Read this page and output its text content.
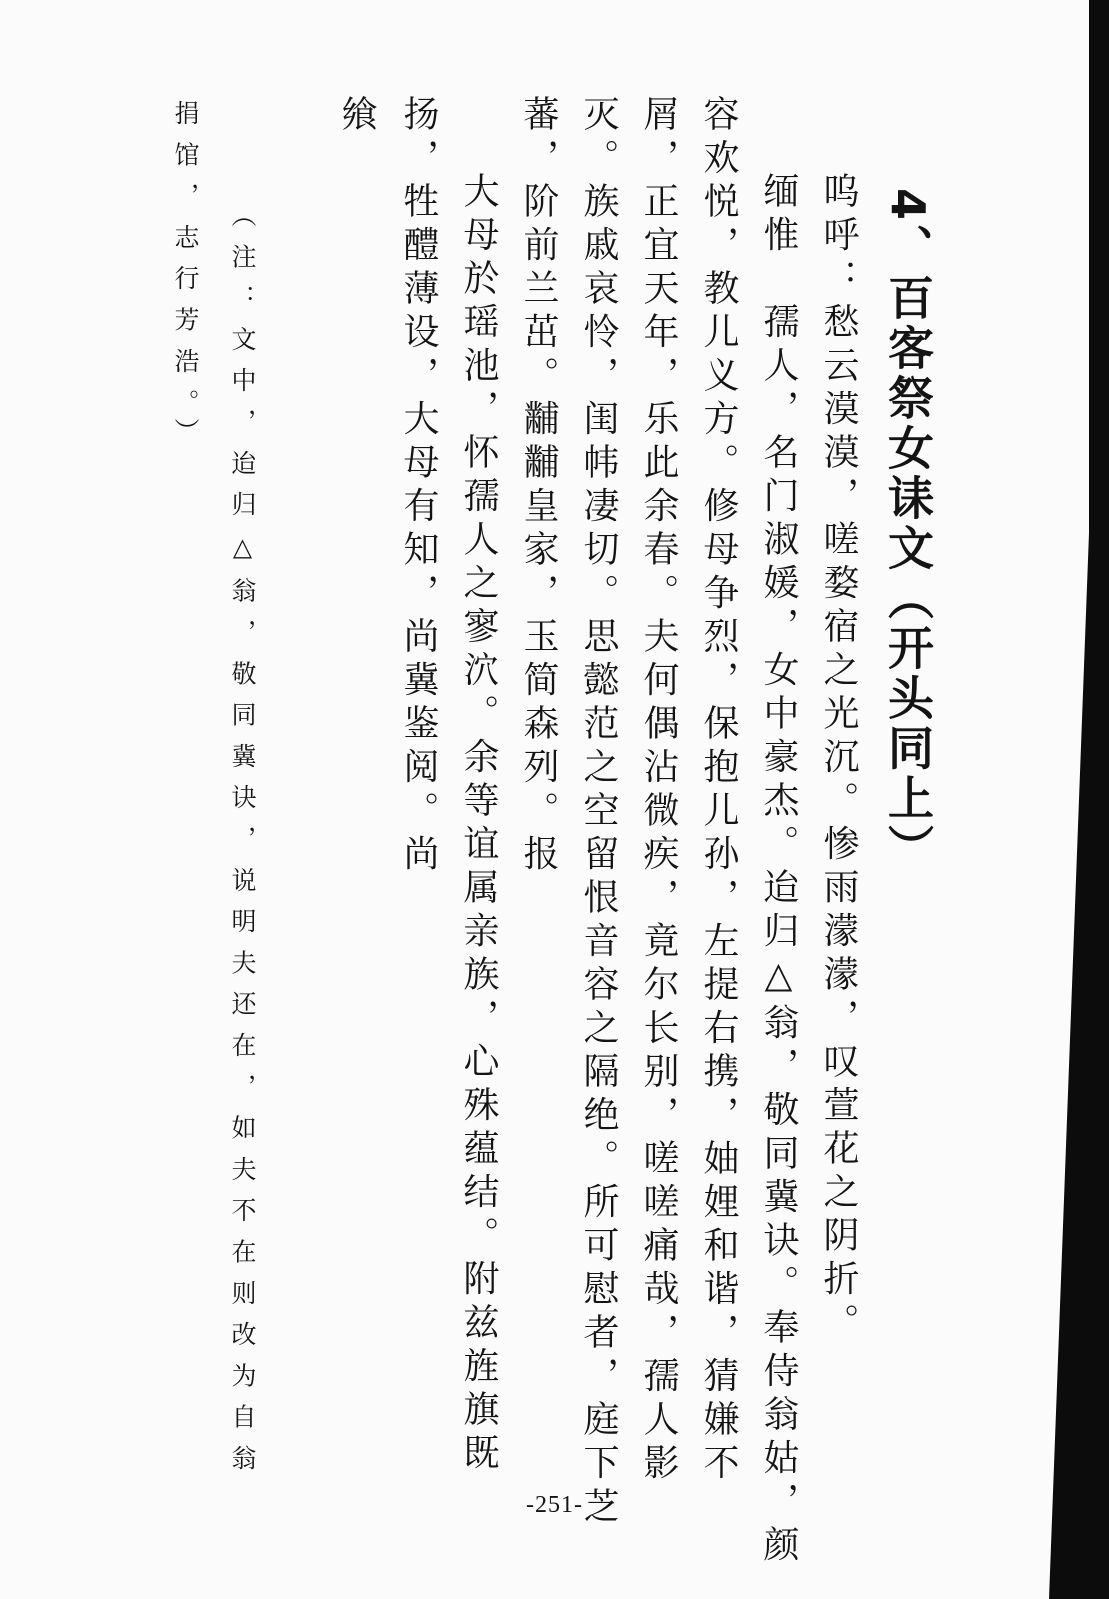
4、百客祭女诔文（开头同上）
呜呼：愁云漠漠，嗟婺宿之光沉。惨雨濛濛，叹萱花之阴折。
缅惟　孺人，名门淑媛，女中豪杰。迨归△翁，敬同冀诀。奉侍翁姑，颜
容欢悦，教儿义方。修母争烈，保抱儿孙，左提右携，妯娌和谐，猜嫌不
屑，正宜天年，乐此余春。夫何偶沾微疾，竟尔长别，嗟嗟痛哉，孺人影
灭。族戚哀怜，闺帏凄切。思懿范之空留恨音容之隔绝。所可慰者，庭下芝
蕃，阶前兰茁。黼黼皇家，玉简森列。报
大母於瑶池，怀孺人之寥泬。余等谊属亲族，心殊蕴结。附兹旌旗既
扬，牲醴薄设，大母有知，尚冀鉴阅。尚
飨
（注：文中，迨归△翁，敬同冀诀，说明夫还在，如夫不在则改为自翁
捐馆，志行芳浩。）
-251-
